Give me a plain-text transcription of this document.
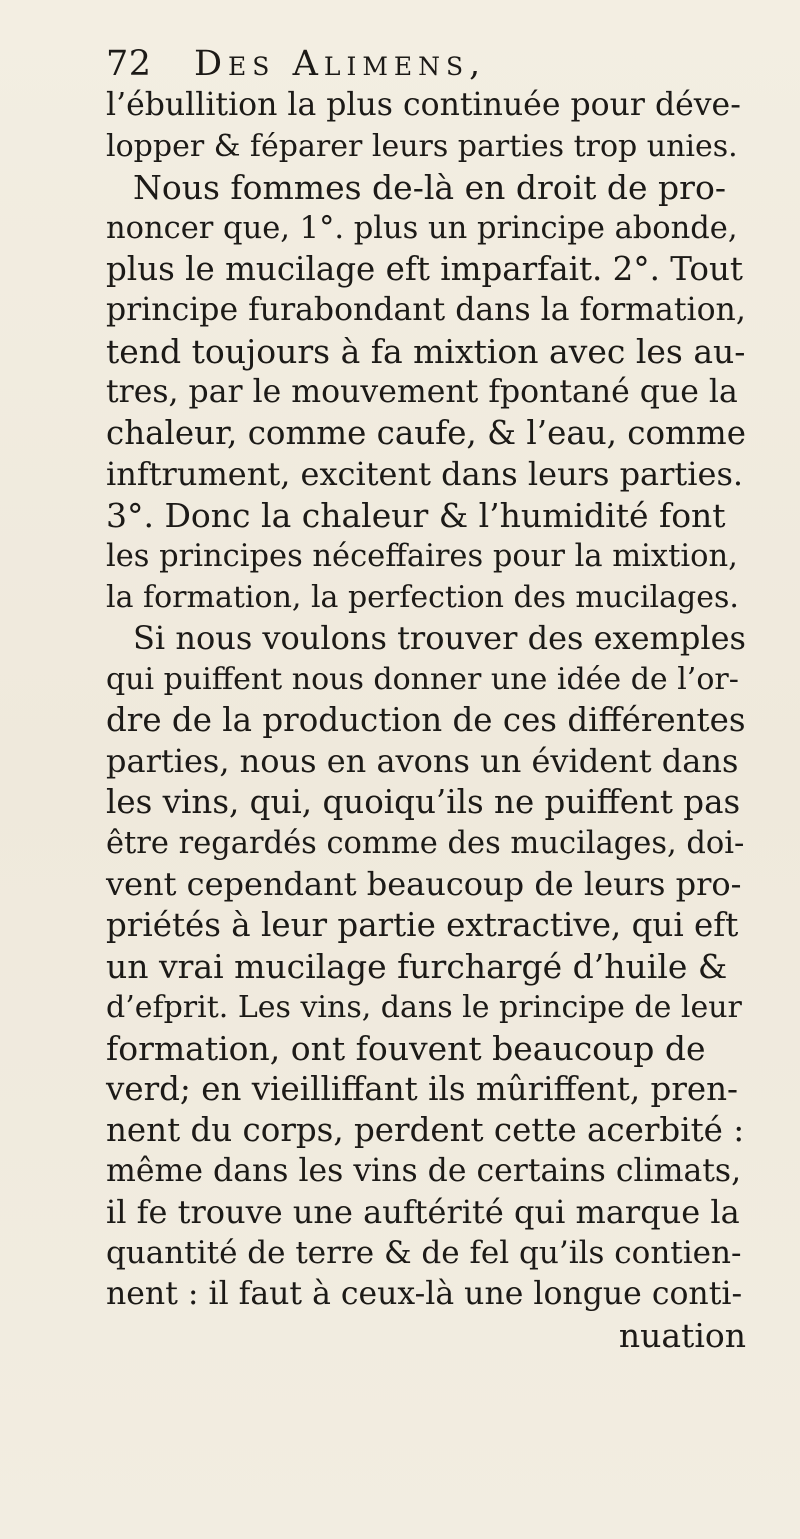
72 Des Alimens,
l’ébullition la plus continuée pour déve-
lopper & féparer leurs parties trop unies.
Nous fommes de-là en droit de pro-
noncer que, 1°. plus un principe abonde,
plus le mucilage eft imparfait. 2°. Tout
principe furabondant dans la formation,
tend toujours à fa mixtion avec les au-
tres, par le mouvement fpontané que la
chaleur, comme caufe, & l’eau, comme
inftrument, excitent dans leurs parties.
3°. Donc la chaleur & l’humidité font
les principes néceffaires pour la mixtion,
la formation, la perfection des mucilages.
Si nous voulons trouver des exemples
qui puiffent nous donner une idée de l’or-
dre de la production de ces différentes
parties, nous en avons un évident dans
les vins, qui, quoiqu’ils ne puiffent pas
être regardés comme des mucilages, doi-
vent cependant beaucoup de leurs pro-
priétés à leur partie extractive, qui eft
un vrai mucilage furchargé d’huile &
d’efprit. Les vins, dans le principe de leur
formation, ont fouvent beaucoup de
verd; en vieilliffant ils mûriffent, pren-
nent du corps, perdent cette acerbité :
même dans les vins de certains climats,
il fe trouve une auftérité qui marque la
quantité de terre & de fel qu’ils contien-
nent : il faut à ceux-là une longue conti-
nuation
